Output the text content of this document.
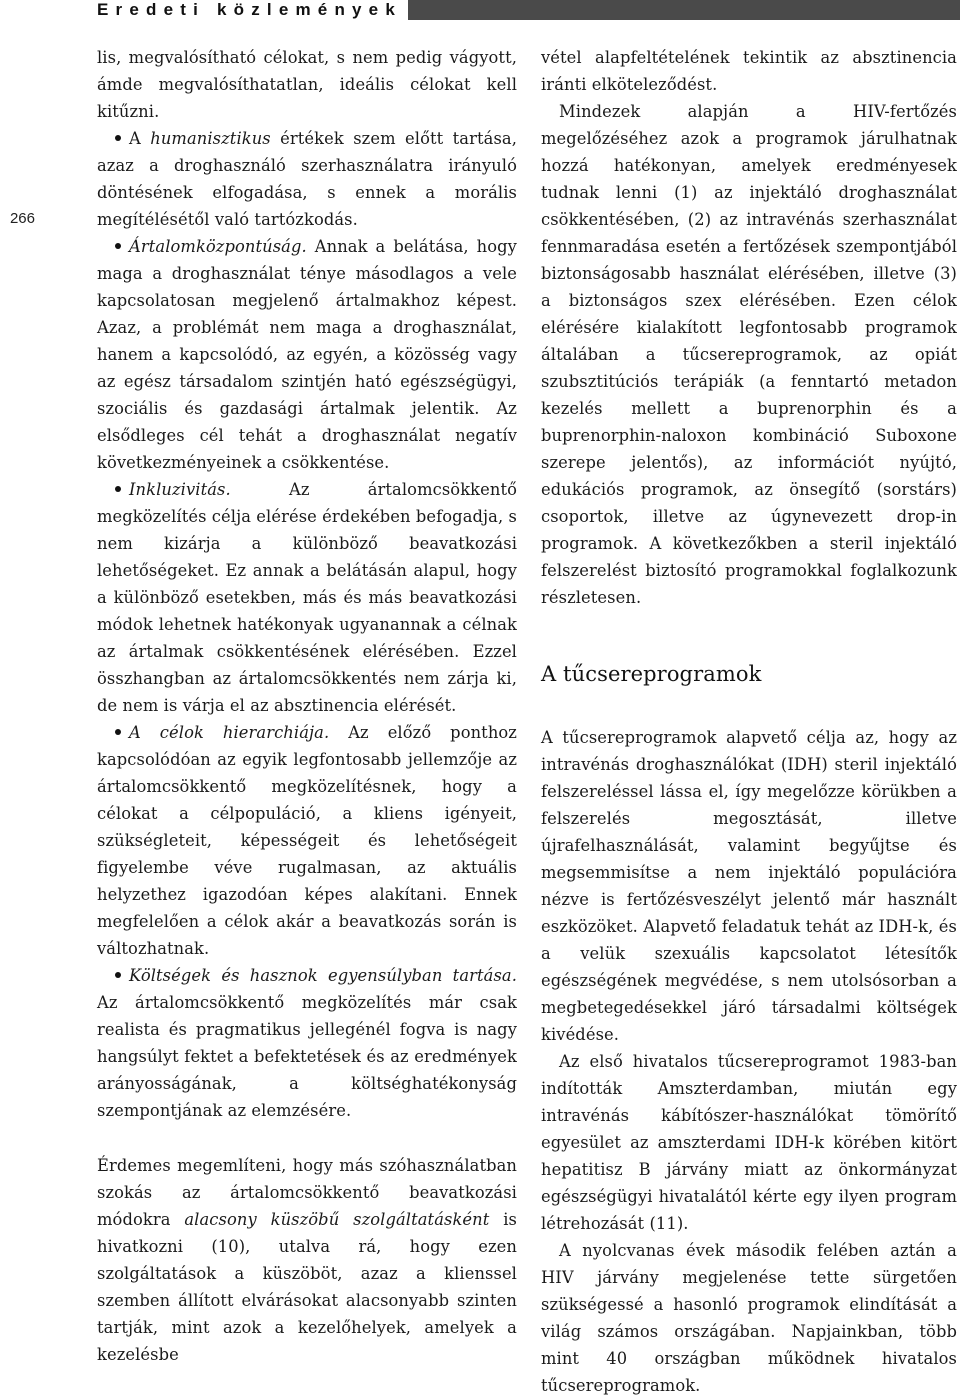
Eredeti közlemények
266

lis, megvalósítható célokat, s nem pedig vágyott, ámde megvalósíthatatlan, ideális célokat kell kitűzni.

A humanisztikus értékek szem előtt tartása, azaz a droghasználó szerhasználatra irányuló döntésének elfogadása, s ennek a morális megítélésétől való tartózkodás.

Ártalomközpontúság. Annak a belátása, hogy maga a droghasználat ténye másodlagos a vele kapcsolatosan megjelenő ártalmakhoz képest. Azaz, a problémát nem maga a droghasználat, hanem a kapcsolódó, az egyén, a közösség vagy az egész társadalom szintjén ható egészségügyi, szociális és gazdasági ártalmak jelentik. Az elsődleges cél tehát a droghasználat negatív következményeinek a csökkentése.

Inkluzivitás. Az ártalomcsökkentő megközelítés célja elérése érdekében befogadja, s nem kizárja a különböző beavatkozási lehetőségeket. Ez annak a belátásán alapul, hogy a különböző esetekben, más és más beavatkozási módok lehetnek hatékonyak ugyanannak a célnak az ártalmak csökkentésének elérésében. Ezzel összhangban az ártalomcsökkentés nem zárja ki, de nem is várja el az absztinencia elérését.

A célok hierarchiája. Az előző ponthoz kapcsolódóan az egyik legfontosabb jellemzője az ártalomcsökkentő megközelítésnek, hogy a célokat a célpopuláció, a kliens igényeit, szükségleteit, képességeit és lehetőségeit figyelembe véve rugalmasan, az aktuális helyzethez igazodóan képes alakítani. Ennek megfelelően a célok akár a beavatkozás során is változhatnak.

Költségek és hasznok egyensúlyban tartása. Az ártalomcsökkentő megközelítés már csak realista és pragmatikus jellegénél fogva is nagy hangsúlyt fektet a befektetések és az eredmények arányosságának, a költséghatékonyság szempontjának az elemzésére.

Érdemes megemlíteni, hogy más szóhasználatban szokás az ártalomcsökkentő beavatkozási módokra alacsony küszöbű szolgáltatásként is hivatkozni (10), utalva rá, hogy ezen szolgáltatások a küszöböt, azaz a klienssel szemben állított elvárásokat alacsonyabb szinten tartják, mint azok a kezelőhelyek, amelyek a kezelésbe

vétel alapfeltételének tekintik az absztinencia iránti elköteleződést.

Mindezek alapján a HIV-fertőzés megelőzéséhez azok a programok járulhatnak hozzá hatékonyan, amelyek eredményesek tudnak lenni (1) az injektáló droghasználat csökkentésében, (2) az intravénás szerhasználat fennmaradása esetén a fertőzések szempontjából biztonságosabb használat elérésében, illetve (3) a biztonságos szex elérésében. Ezen célok elérésére kialakított legfontosabb programok általában a tűcsereprogramok, az opiát szubsztitúciós terápiák (a fenntartó metadon kezelés mellett a buprenorphin és a buprenorphin-naloxon kombináció Suboxone szerepe jelentős), az információt nyújtó, edukációs programok, az önsegítő (sorstárs) csoportok, illetve az úgynevezett drop-in programok. A következőkben a steril injektáló felszerelést biztosító programokkal foglalkozunk részletesen.

A tűcsereprogramok

A tűcsereprogramok alapvető célja az, hogy az intravénás droghasználókat (IDH) steril injektáló felszereléssel lássa el, így megelőzze körükben a felszerelés megosztását, illetve újrafelhasználását, valamint begyűjtse és megsemmisítse a nem injektáló populációra nézve is fertőzésveszélyt jelentő már használt eszközöket. Alapvető feladatuk tehát az IDH-k, és a velük szexuális kapcsolatot létesítők egészségének megvédése, s nem utolsósorban a megbetegedésekkel járó társadalmi költségek kivédése.

Az első hivatalos tűcsereprogramot 1983-ban indították Amszterdamban, miután egy intravénás kábítószer-használókat tömörítő egyesület az amszterdami IDH-k körében kitört hepatitisz B járvány miatt az önkormányzat egészségügyi hivatalától kérte egy ilyen program létrehozását (11).

A nyolcvanas évek második felében aztán a HIV járvány megjelenése tette sürgetően szükségessé a hasonló programok elindítását a világ számos országában. Napjainkban, több mint 40 országban működnek hivatalos tűcsereprogramok.
